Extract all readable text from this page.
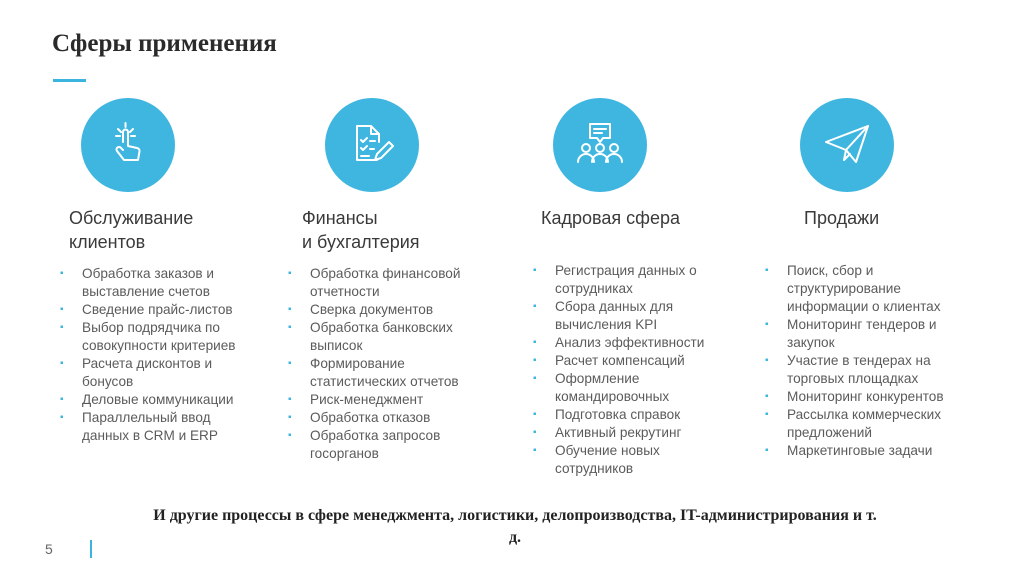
Сферы применения
Обслуживание
клиентов
▪ Обработка заказов и выставление счетов
▪ Сведение прайс-листов
▪ Выбор подрядчика по совокупности критериев
▪ Расчета дисконтов и бонусов
▪ Деловые коммуникации
▪ Параллельный ввод данных в CRM и ERP
Финансы
и бухгалтерия
▪ Обработка финансовой отчетности
▪ Сверка документов
▪ Обработка банковских выписок
▪ Формирование статистических отчетов
▪ Риск-менеджмент
▪ Обработка отказов
▪ Обработка запросов госорганов
Кадровая сфера
▪ Регистрация данных о сотрудниках
▪ Сбора данных для вычисления KPI
▪ Анализ эффективности
▪ Расчет компенсаций
▪ Оформление командировочных
▪ Подготовка справок
▪ Активный рекрутинг
▪ Обучение новых сотрудников
Продажи
▪ Поиск, сбор и структурирование информации о клиентах
▪ Мониторинг тендеров и закупок
▪ Участие в тендерах на торговых площадках
▪ Мониторинг конкурентов
▪ Рассылка коммерческих предложений
▪ Маркетинговые задачи
И другие процессы в сфере менеджмента, логистики, делопроизводства, IT-администрирования и т. д.
5
